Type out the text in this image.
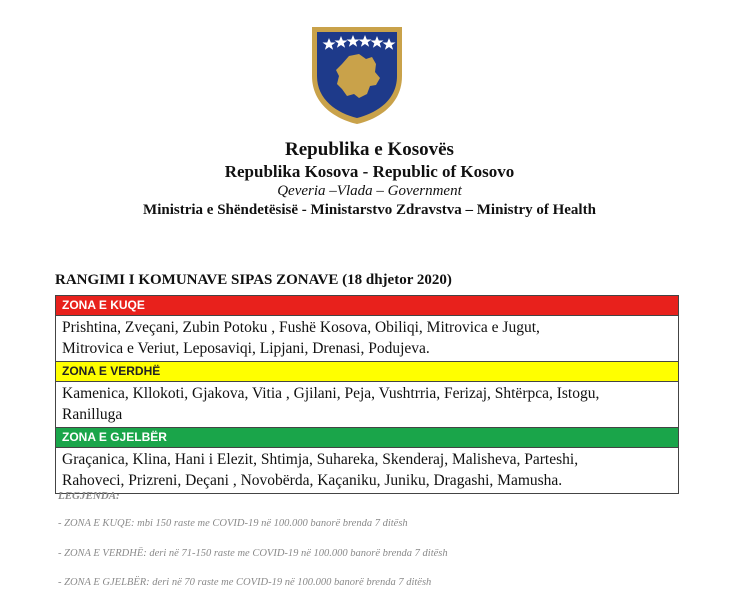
Republika e Kosovës
Republika Kosova - Republic of Kosovo
Qeveria –Vlada – Government
Ministria e Shëndetësisë - Ministarstvo Zdravstva – Ministry of Health
RANGIMI I KOMUNAVE SIPAS ZONAVE (18 dhjetor 2020)
ZONA E KUQE
Prishtina, Zveçani, Zubin Potoku , Fushë Kosova, Obiliqi, Mitrovica e Jugut,
Mitrovica e Veriut, Leposaviqi, Lipjani, Drenasi, Podujeva.
ZONA E VERDHË
Kamenica, Kllokoti, Gjakova, Vitia , Gjilani, Peja, Vushtrria, Ferizaj, Shtërpca, Istogu,
Ranilluga
ZONA E GJELBËR
Graçanica, Klina, Hani i Elezit, Shtimja, Suhareka, Skenderaj, Malisheva, Parteshi,
Rahoveci, Prizreni, Deçani , Novobërda, Kaçaniku, Juniku, Dragashi, Mamusha.
LEGJENDA:
- ZONA E KUQE: mbi 150 raste me COVID-19 në 100.000 banorë brenda 7 ditësh
- ZONA E VERDHË: deri në 71-150 raste me COVID-19 në 100.000 banorë brenda 7 ditësh
- ZONA E GJELBËR: deri në 70 raste me COVID-19 në 100.000 banorë brenda 7 ditësh
